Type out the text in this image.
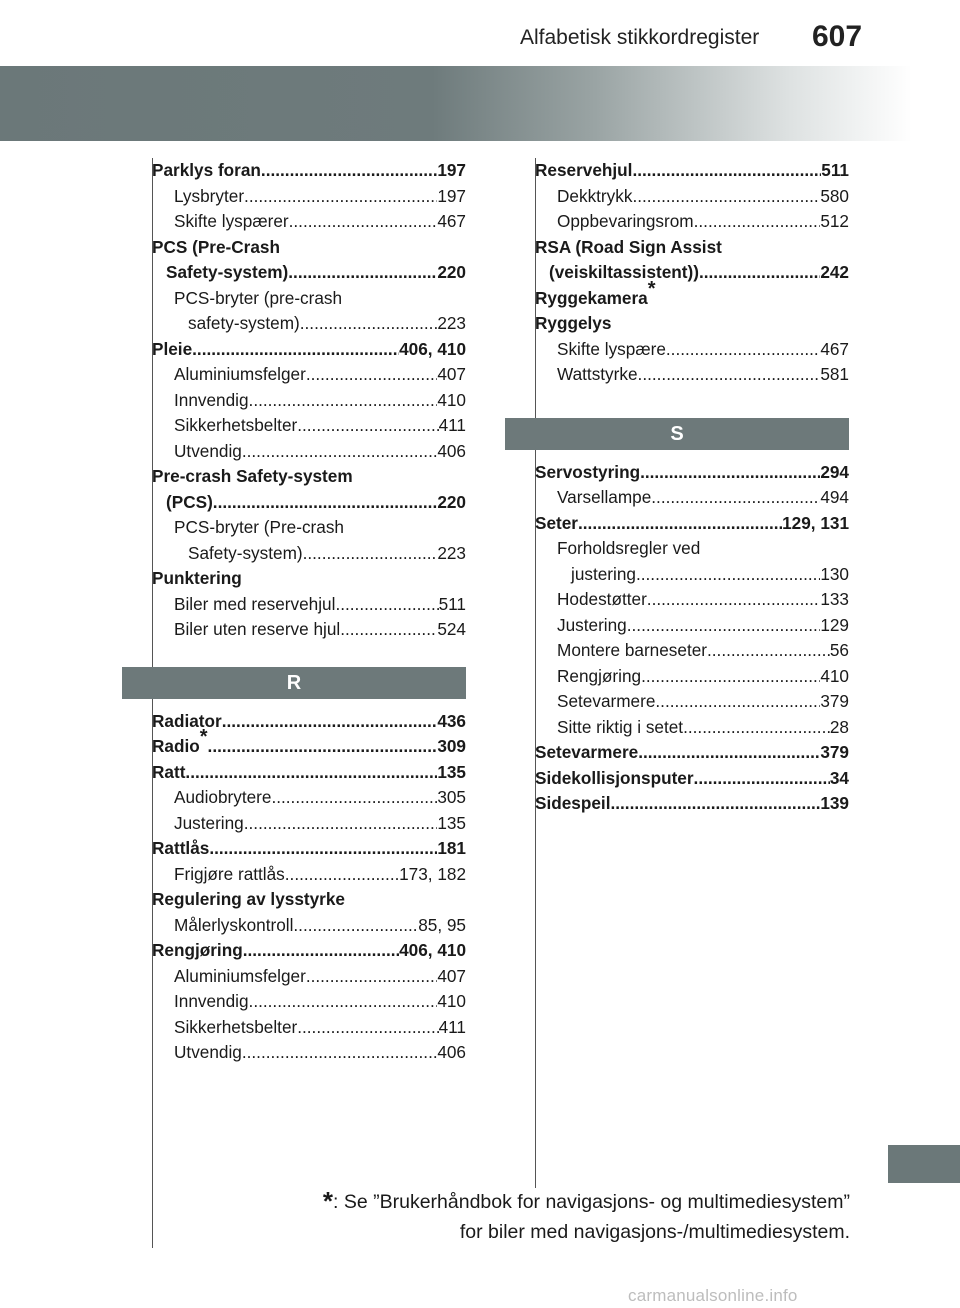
Alfabetisk stikkordregister 607
Parklys foran .....	197
Lysbryter .....	197
Skifte lyspærer .....	467
PCS (Pre-Crash
Safety-system) .....	220
PCS-bryter (pre-crash
safety-system) .....	223
Pleie .....	406, 410
Aluminiumsfelger .....	407
Innvendig .....	410
Sikkerhetsbelter .....	411
Utvendig .....	406
Pre-crash Safety-system
(PCS) .....	220
PCS-bryter (Pre-crash
Safety-system) .....	223
Punktering
Biler med reservehjul .....	511
Biler uten reserve hjul .....	524
R
Radiator .....	436
Radio* .....	309
Ratt .....	135
Audiobrytere .....	305
Justering .....	135
Rattlås .....	181
Frigjøre rattlås .....	173, 182
Regulering av lysstyrke
Målerlyskontroll .....	85, 95
Rengjøring .....	406, 410
Aluminiumsfelger .....	407
Innvendig .....	410
Sikkerhetsbelter .....	411
Utvendig .....	406
Reservehjul .....	511
Dekktrykk .....	580
Oppbevaringsrom .....	512
RSA (Road Sign Assist
(veiskiltassistent)) .....	242
Ryggekamera*
Ryggelys
Skifte lyspære .....	467
Wattstyrke .....	581
S
Servostyring .....	294
Varsellampe .....	494
Seter .....	129, 131
Forholdsregler ved
justering .....	130
Hodestøtter .....	133
Justering .....	129
Montere barneseter .....	56
Rengjøring .....	410
Setevarmere .....	379
Sitte riktig i setet .....	28
Setevarmere .....	379
Sidekollisjonsputer .....	34
Sidespeil .....	139
*: Se ”Brukerhåndbok for navigasjons- og multimediesystem”
for biler med navigasjons-/multimediesystem.
carmanualsonline.info
